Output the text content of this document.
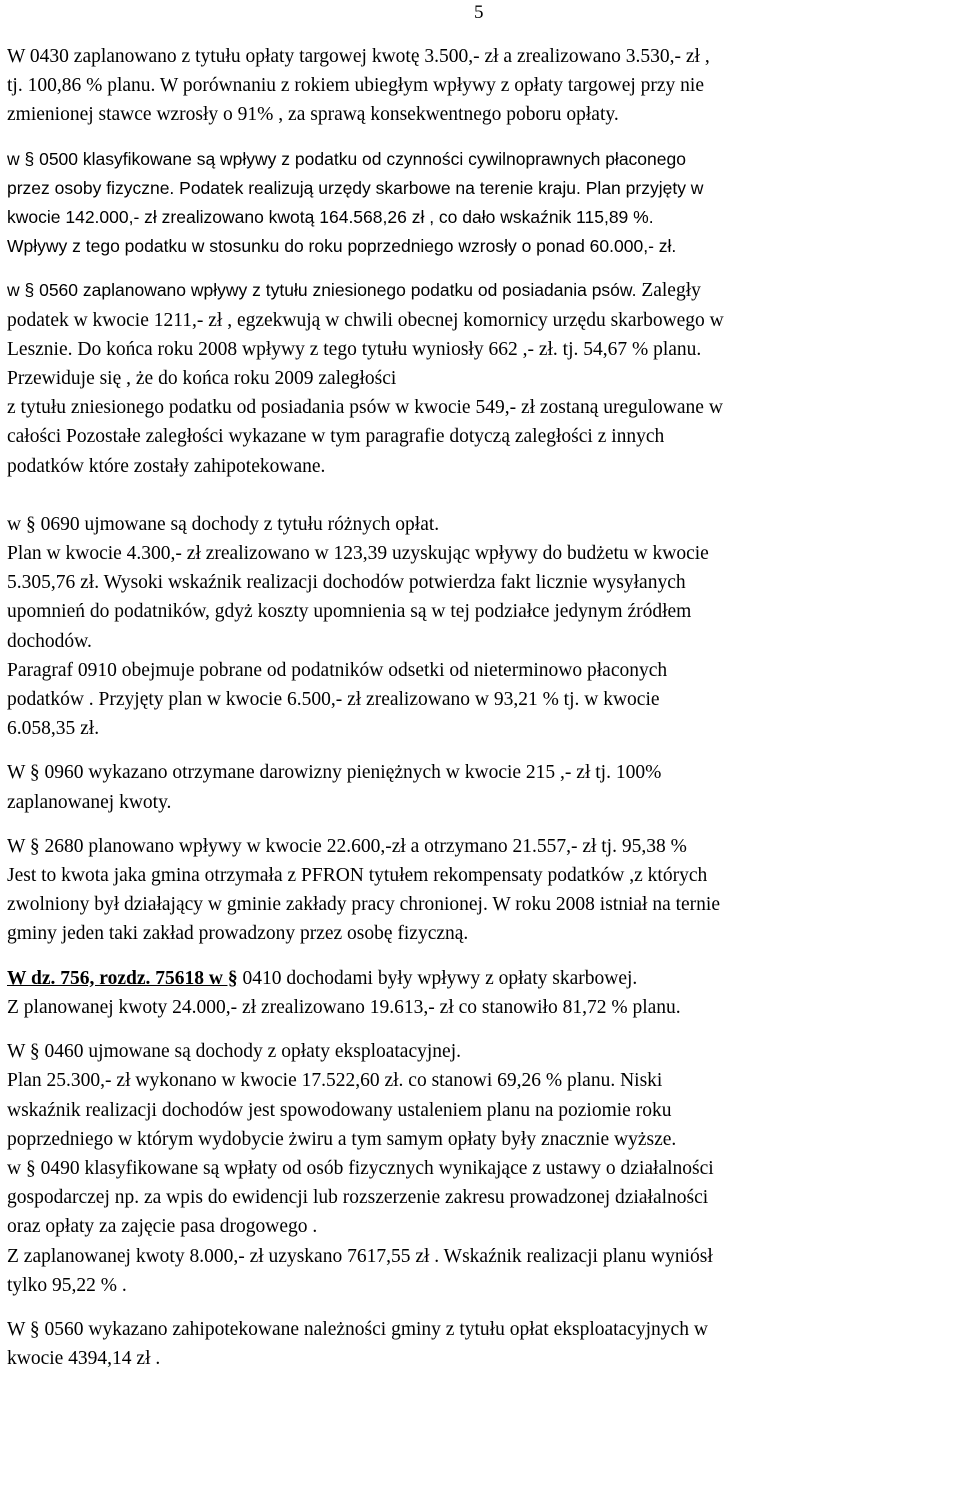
5

W 0430 zaplanowano z tytułu opłaty targowej kwotę 3.500,- zł a zrealizowano 3.530,- zł ,
tj. 100,86 % planu. W porównaniu z rokiem ubiegłym wpływy z opłaty targowej przy nie
zmienionej stawce wzrosły o 91% , za sprawą konsekwentnego poboru opłaty.

w § 0500 klasyfikowane są wpływy z podatku od czynności cywilnoprawnych płaconego
przez osoby fizyczne. Podatek realizują urzędy skarbowe na terenie kraju. Plan przyjęty w
kwocie 142.000,- zł zrealizowano kwotą 164.568,26 zł , co dało wskaźnik 115,89 %.
Wpływy z tego podatku w stosunku do roku poprzedniego wzrosły o ponad 60.000,- zł.

w § 0560 zaplanowano wpływy z tytułu zniesionego podatku od posiadania psów. Zaległy
podatek w kwocie 1211,- zł , egzekwują w chwili obecnej komornicy urzędu skarbowego w
Lesznie. Do końca roku 2008 wpływy z tego tytułu wyniosły 662 ,- zł. tj. 54,67 % planu.
Przewiduje się , że do końca roku 2009 zaległości
z tytułu zniesionego podatku od posiadania psów w kwocie 549,- zł zostaną uregulowane w
całości Pozostałe zaległości wykazane w tym paragrafie dotyczą zaległości z innych
podatków które zostały zahipotekowane.

w § 0690 ujmowane są dochody z tytułu różnych opłat.
Plan w kwocie 4.300,- zł zrealizowano w 123,39 uzyskując wpływy do budżetu w kwocie
5.305,76 zł. Wysoki wskaźnik realizacji dochodów potwierdza fakt licznie wysyłanych
upomnień do podatników, gdyż koszty upomnienia są w tej podziałce jedynym źródłem
dochodów.
Paragraf 0910 obejmuje pobrane od podatników odsetki od nieterminowo płaconych
podatków . Przyjęty plan w kwocie 6.500,- zł zrealizowano w 93,21 % tj. w kwocie
6.058,35 zł.

W § 0960 wykazano otrzymane darowizny pieniężnych w kwocie 215 ,- zł tj. 100%
zaplanowanej kwoty.

W § 2680 planowano wpływy w kwocie 22.600,-zł a otrzymano 21.557,- zł tj. 95,38 %
Jest to kwota jaka gmina otrzymała z PFRON tytułem rekompensaty podatków ,z których
zwolniony był działający w gminie zakłady pracy chronionej. W roku 2008 istniał na ternie
gminy jeden taki zakład prowadzony przez osobę fizyczną.

W dz. 756, rozdz. 75618 w § 0410 dochodami były wpływy z opłaty skarbowej.
Z planowanej kwoty 24.000,- zł zrealizowano 19.613,- zł co stanowiło 81,72 % planu.

W § 0460 ujmowane są dochody z opłaty eksploatacyjnej.
Plan 25.300,- zł wykonano w kwocie 17.522,60 zł. co stanowi 69,26 % planu. Niski
wskaźnik realizacji dochodów jest spowodowany ustaleniem planu na poziomie roku
poprzedniego w którym wydobycie żwiru a tym samym opłaty były znacznie wyższe.
w § 0490 klasyfikowane są wpłaty od osób fizycznych wynikające z ustawy o działalności
gospodarczej np. za wpis do ewidencji lub rozszerzenie zakresu prowadzonej działalności
oraz opłaty za zajęcie pasa drogowego .
Z zaplanowanej kwoty 8.000,- zł uzyskano 7617,55 zł . Wskaźnik realizacji planu wyniósł
tylko 95,22 % .

W § 0560 wykazano zahipotekowane należności gminy z tytułu opłat eksploatacyjnych w
kwocie 4394,14 zł .
